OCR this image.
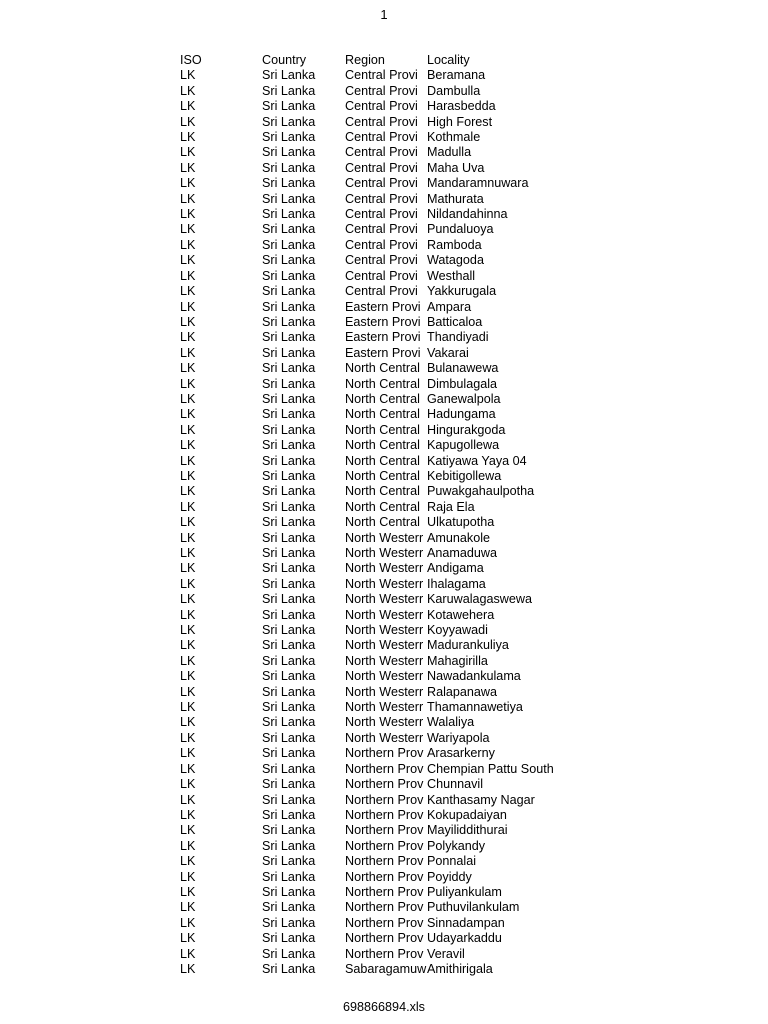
1
ISO	Country	Region	Locality
LK	Sri Lanka	Central Provi	Beramana
LK	Sri Lanka	Central Provi	Dambulla
LK	Sri Lanka	Central Provi	Harasbedda
LK	Sri Lanka	Central Provi	High Forest
LK	Sri Lanka	Central Provi	Kothmale
LK	Sri Lanka	Central Provi	Madulla
LK	Sri Lanka	Central Provi	Maha Uva
LK	Sri Lanka	Central Provi	Mandaramnuwara
LK	Sri Lanka	Central Provi	Mathurata
LK	Sri Lanka	Central Provi	Nildandahinna
LK	Sri Lanka	Central Provi	Pundaluoya
LK	Sri Lanka	Central Provi	Ramboda
LK	Sri Lanka	Central Provi	Watagoda
LK	Sri Lanka	Central Provi	Westhall
LK	Sri Lanka	Central Provi	Yakkurugala
LK	Sri Lanka	Eastern Provi	Ampara
LK	Sri Lanka	Eastern Provi	Batticaloa
LK	Sri Lanka	Eastern Provi	Thandiyadi
LK	Sri Lanka	Eastern Provi	Vakarai
LK	Sri Lanka	North Central	Bulanawewa
LK	Sri Lanka	North Central	Dimbulagala
LK	Sri Lanka	North Central	Ganewalpola
LK	Sri Lanka	North Central	Hadungama
LK	Sri Lanka	North Central	Hingurakgoda
LK	Sri Lanka	North Central	Kapugollewa
LK	Sri Lanka	North Central	Katiyawa Yaya 04
LK	Sri Lanka	North Central	Kebitigollewa
LK	Sri Lanka	North Central	Puwakgahaulpotha
LK	Sri Lanka	North Central	Raja Ela
LK	Sri Lanka	North Central	Ulkatupotha
LK	Sri Lanka	North Westerr	Amunakole
LK	Sri Lanka	North Westerr	Anamaduwa
LK	Sri Lanka	North Westerr	Andigama
LK	Sri Lanka	North Westerr	Ihalagama
LK	Sri Lanka	North Westerr	Karuwalagaswewa
LK	Sri Lanka	North Westerr	Kotawehera
LK	Sri Lanka	North Westerr	Koyyawadi
LK	Sri Lanka	North Westerr	Madurankuliya
LK	Sri Lanka	North Westerr	Mahagirilla
LK	Sri Lanka	North Westerr	Nawadankulama
LK	Sri Lanka	North Westerr	Ralapanawa
LK	Sri Lanka	North Westerr	Thamannawetiya
LK	Sri Lanka	North Westerr	Walaliya
LK	Sri Lanka	North Westerr	Wariyapola
LK	Sri Lanka	Northern Prov	Arasarkerny
LK	Sri Lanka	Northern Prov	Chempian Pattu South
LK	Sri Lanka	Northern Prov	Chunnavil
LK	Sri Lanka	Northern Prov	Kanthasamy Nagar
LK	Sri Lanka	Northern Prov	Kokupadaiyan
LK	Sri Lanka	Northern Prov	Mayiliddithurai
LK	Sri Lanka	Northern Prov	Polykandy
LK	Sri Lanka	Northern Prov	Ponnalai
LK	Sri Lanka	Northern Prov	Poyiddy
LK	Sri Lanka	Northern Prov	Puliyankulam
LK	Sri Lanka	Northern Prov	Puthuvilankulam
LK	Sri Lanka	Northern Prov	Sinnadampan
LK	Sri Lanka	Northern Prov	Udayarkaddu
LK	Sri Lanka	Northern Prov	Veravil
LK	Sri Lanka	Sabaragamuw	Amithirigala
698866894.xls
